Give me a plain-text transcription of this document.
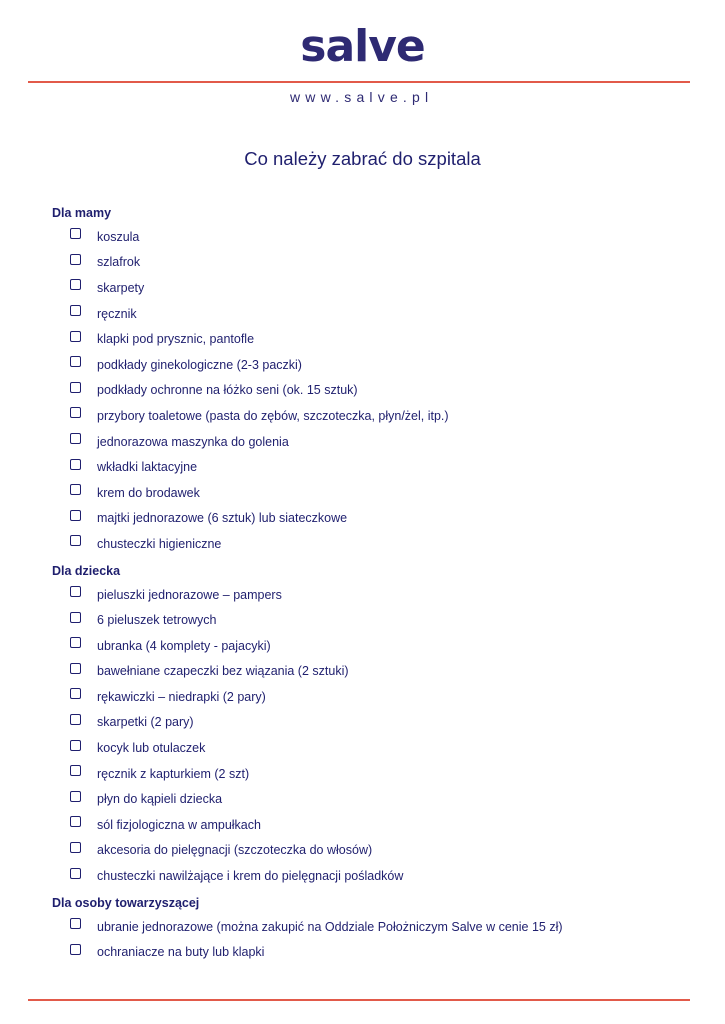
salve
www.salve.pl
Co należy zabrać do szpitala
Dla mamy
koszula
szlafrok
skarpety
ręcznik
klapki pod prysznic, pantofle
podkłady ginekologiczne (2-3 paczki)
podkłady ochronne na łóżko seni (ok. 15 sztuk)
przybory toaletowe (pasta do zębów, szczoteczka, płyn/żel, itp.)
jednorazowa maszynka do golenia
wkładki laktacyjne
krem do brodawek
majtki jednorazowe (6 sztuk) lub siateczkowe
chusteczki higieniczne
Dla dziecka
pieluszki jednorazowe – pampers
6 pieluszek tetrowych
ubranka (4 komplety - pajacyki)
bawełniane czapeczki bez wiązania (2 sztuki)
rękawiczki – niedrapki (2 pary)
skarpetki (2 pary)
kocyk lub otulaczek
ręcznik z kapturkiem (2 szt)
płyn do kąpieli dziecka
sól fizjologiczna w ampułkach
akcesoria do pielęgnacji (szczoteczka do włosów)
chusteczki nawilżające i krem do pielęgnacji pośladków
Dla osoby towarzyszącej
ubranie jednorazowe (można zakupić na Oddziale Położniczym Salve w cenie 15 zł)
ochraniacze na buty lub klapki
